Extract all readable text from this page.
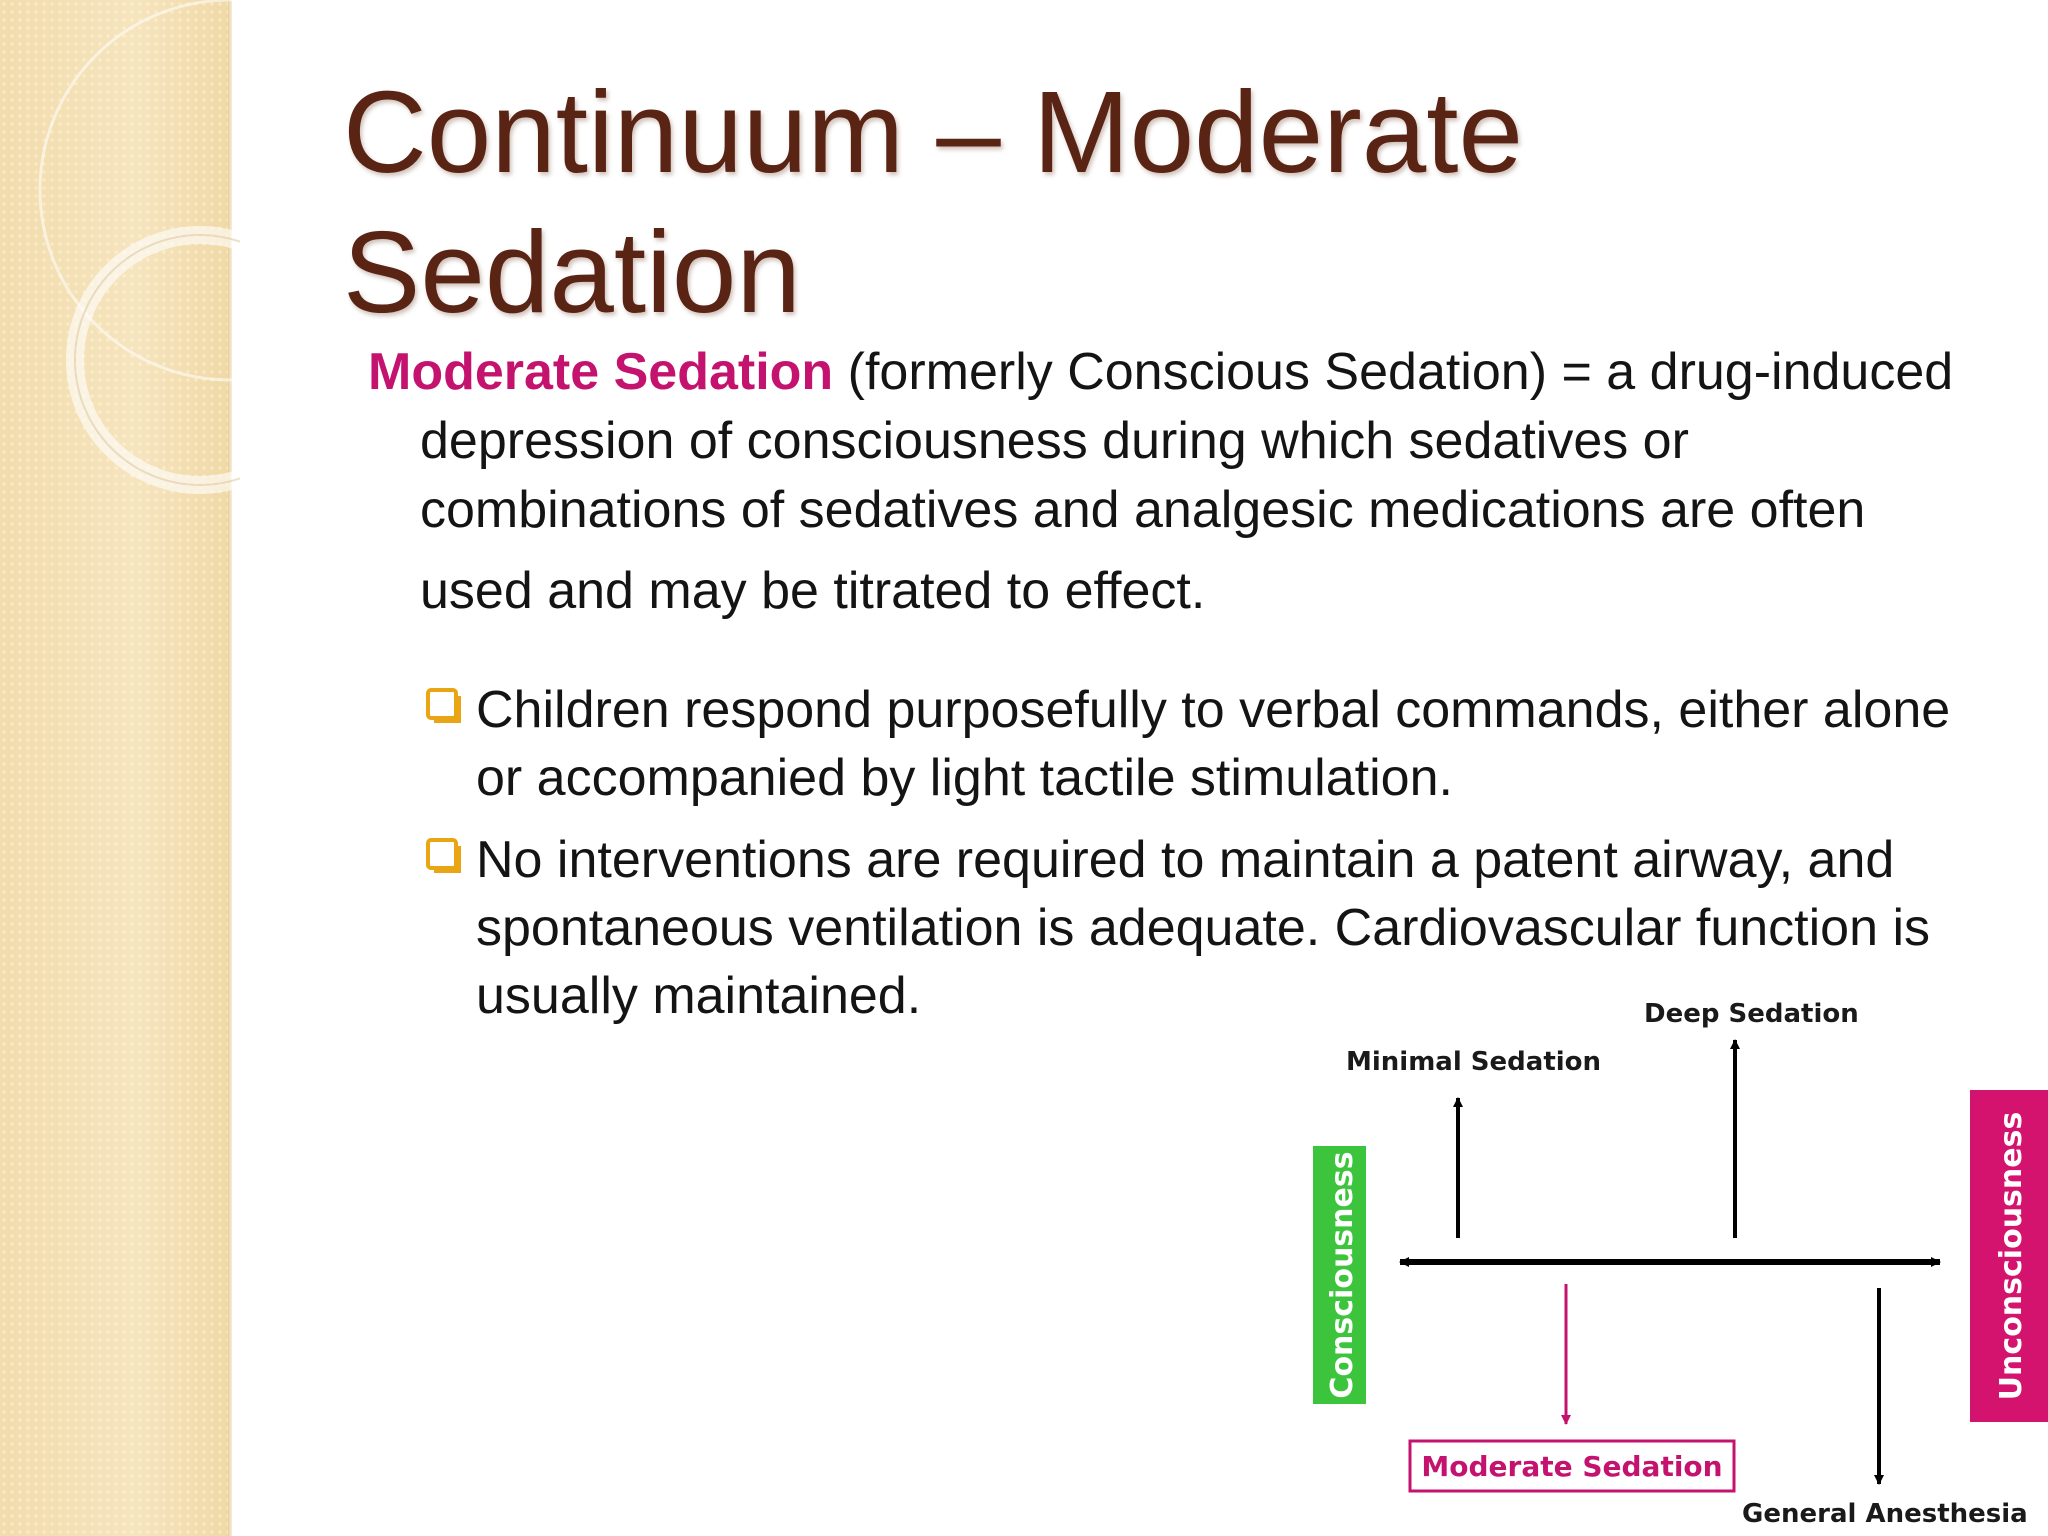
Continuum – Moderate
Sedation

Moderate Sedation (formerly Conscious Sedation) = a drug-induced depression of consciousness during which sedatives or combinations of sedatives and analgesic medications are often

used and may be titrated to effect.

Children respond purposefully to verbal commands, either alone or accompanied by light tactile stimulation.
No interventions are required to maintain a patent airway, and spontaneous ventilation is adequate. Cardiovascular function is usually maintained.
Minimal Sedation
Deep Sedation
Moderate Sedation
General Anesthesia
Consciousness	Unconsciousness
